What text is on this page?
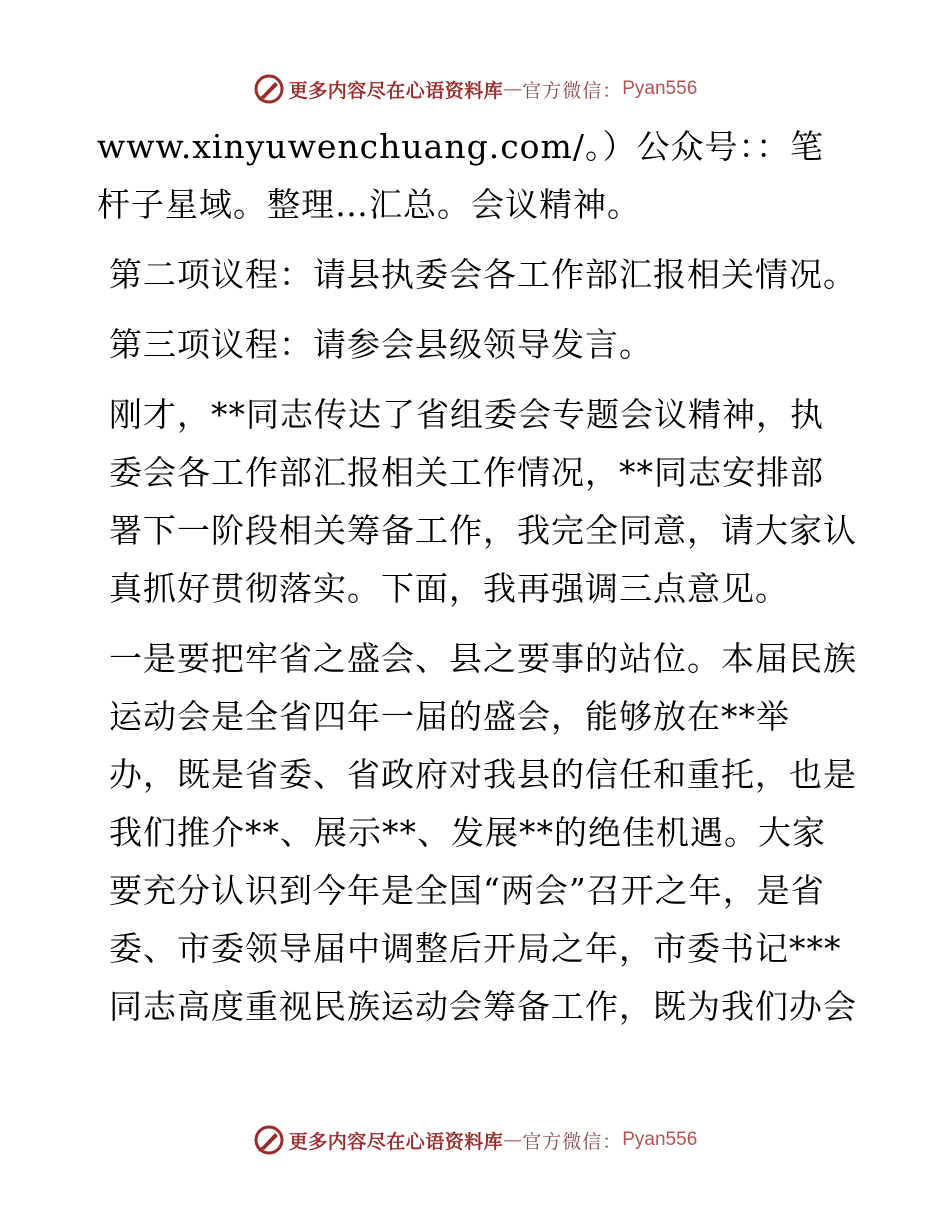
更多内容尽在心语资料库 — 官方微信： Pyan556

www.xinyuwenchuang.com/。）公众号：：笔杆子星域。整理…汇总。会议精神。

第二项议程：请县执委会各工作部汇报相关情况。

第三项议程：请参会县级领导发言。

刚才，**同志传达了省组委会专题会议精神，执委会各工作部汇报相关工作情况，**同志安排部署下一阶段相关筹备工作，我完全同意，请大家认真抓好贯彻落实。下面，我再强调三点意见。

一是要把牢省之盛会、县之要事的站位。本届民族运动会是全省四年一届的盛会，能够放在**举办，既是省委、省政府对我县的信任和重托，也是我们推介**、展示**、发展**的绝佳机遇。大家要充分认识到今年是全国“两会”召开之年，是省委、市委领导届中调整后开局之年，市委书记***同志高度重视民族运动会筹备工作，既为我们办会

更多内容尽在心语资料库 — 官方微信： Pyan556
